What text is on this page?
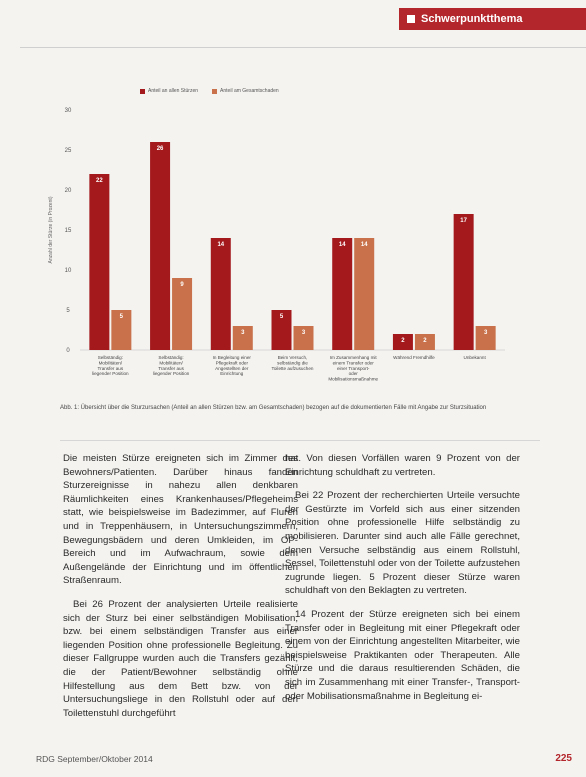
Schwerpunktthema
Anteil an allen Stürzen	Anteil am Gesamtschaden
Anzahl der Stürze (in Prozent)
0
5
10
15
20
25
30
22
5
Selbständig: Mobilitäten/ Transfer aus liegender Position
26
9
Selbständig: Mobilitäten/ Transfer aus liegender Position
14
3
In Begleitung einer Pflegekraft oder Angestellten der Einrichtung
5
3
Beim Versuch, selbständig die Toilette aufzusuchen
14	14
Im Zusammenhang mit einem Transfer oder einer Transport-oder Mobilisationsmaßnahme
2	2
Während Fremdhilfe
17
3
Unbekannt
Abb. 1: Übersicht über die Sturzursachen (Anteil an allen Stürzen bzw. am Gesamtschaden) bezogen auf die dokumentierten Fälle mit Angabe zur Sturzsituation

Die meisten Stürze ereigneten sich im Zimmer des Bewohners/Patienten. Darüber hinaus fanden Sturzereignisse in nahezu allen denkbaren Räumlichkeiten eines Krankenhauses/Pflegeheims statt, wie beispielsweise im Badezimmer, auf Fluren und in Treppenhäusern, in Untersuchungszimmern, Bewegungsbädern und deren Umkleiden, im OP-Bereich und im Aufwachraum, sowie dem Außengelände der Einrichtung und im öffentlichen Straßenraum.

Bei 26 Prozent der analysierten Urteile realisierte sich der Sturz bei einer selbständigen Mobilisation, bzw. bei einem selbständigen Transfer aus einer liegenden Position ohne professionelle Begleitung. Zu dieser Fallgruppe wurden auch die Transfers gezählt, die der Patient/Bewohner selbständig ohne Hilfestellung aus dem Bett bzw. von der Untersuchungsliege in den Rollstuhl oder auf den Toilettenstuhl durchgeführt

hat. Von diesen Vorfällen waren 9 Prozent von der Einrichtung schuldhaft zu vertreten.

Bei 22 Prozent der recherchierten Urteile versuchte der Gestürzte im Vorfeld sich aus einer sitzenden Position ohne professionelle Hilfe selbständig zu mobilisieren. Darunter sind auch alle Fälle gerechnet, denen Versuche selbständig aus einem Rollstuhl, Sessel, Toilettenstuhl oder von der Toilette aufzustehen zugrunde liegen. 5 Prozent dieser Stürze waren schuldhaft von den Beklagten zu vertreten.

14 Prozent der Stürze ereigneten sich bei einem Transfer oder in Begleitung mit einer Pflegekraft oder einem von der Einrichtung angestellten Mitarbeiter, wie beispielsweise Praktikanten oder Therapeuten. Alle Stürze und die daraus resultierenden Schäden, die sich im Zusammenhang mit einer Transfer-, Transport- oder Mobilisationsmaßnahme in Begleitung ei-

RDG September/Oktober 2014	225
